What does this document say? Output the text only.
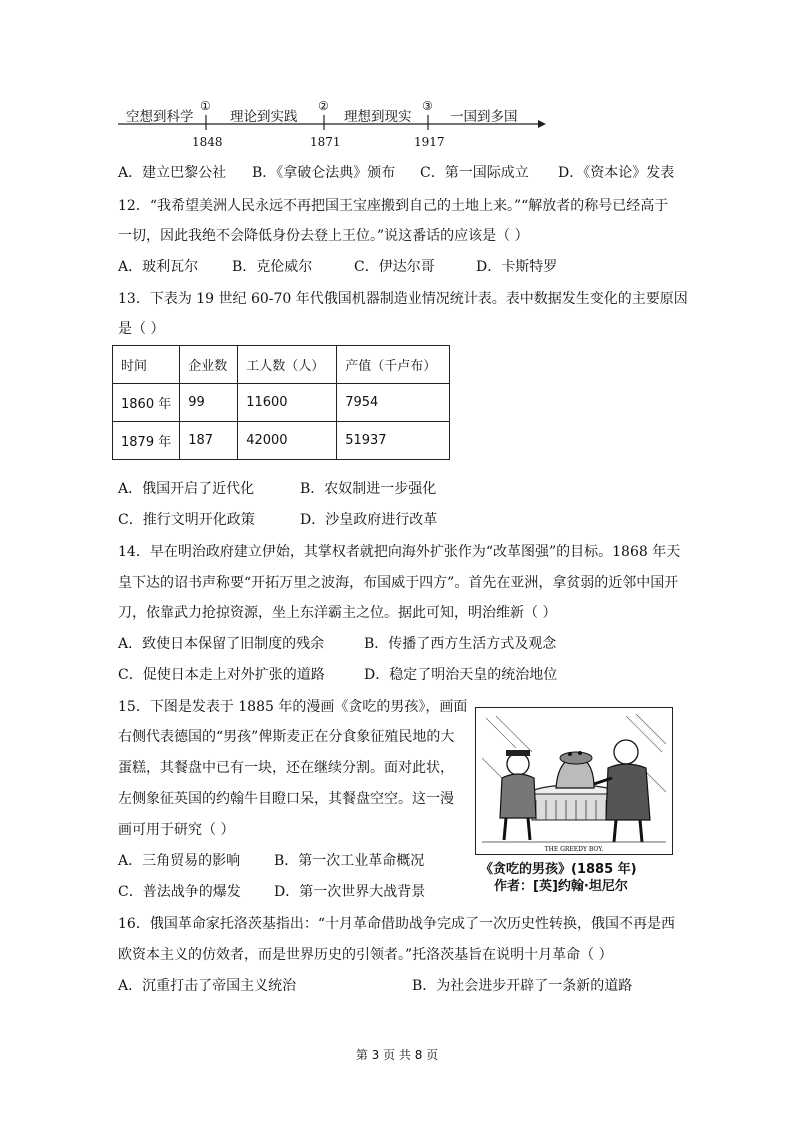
空想到科学	理论到实践	理想到现实	一国到多国
①	②	③
1848	1871	1917
A．建立巴黎公社 B．《拿破仑法典》颁布 C．第一国际成立 D．《资本论》发表
12．“我希望美洲人民永远不再把国王宝座搬到自己的土地上来。”“解放者的称号已经高于
一切，因此我绝不会降低身份去登上王位。”说这番话的应该是（ ）
A．玻利瓦尔 B．克伦威尔	C．伊达尔哥	D．卡斯特罗
13．下表为 19 世纪 60-70 年代俄国机器制造业情况统计表。表中数据发生变化的主要原因
是（ ）
时间	企业数	工人数（人）	产值（千卢布）
1860 年	99	11600	7954
1879 年	187	42000	51937
A．俄国开启了近代化	B．农奴制进一步强化
C．推行文明开化政策	D．沙皇政府进行改革
14．早在明治政府建立伊始，其掌权者就把向海外扩张作为“改革图强”的目标。1868 年天
皇下达的诏书声称要“开拓万里之波海，布国威于四方”。首先在亚洲，拿贫弱的近邻中国开
刀，依靠武力抢掠资源，坐上东洋霸主之位。据此可知，明治维新（ ）
A．致使日本保留了旧制度的残余	B．传播了西方生活方式及观念
C．促使日本走上对外扩张的道路	D．稳定了明治天皇的统治地位
15．下图是发表于 1885 年的漫画《贪吃的男孩》，画面
右侧代表德国的“男孩”俾斯麦正在分食象征殖民地的大
蛋糕，其餐盘中已有一块，还在继续分割。面对此状，
左侧象征英国的约翰牛目瞪口呆，其餐盘空空。这一漫
画可用于研究（ ）
A．三角贸易的影响 B．第一次工业革命概况
C．普法战争的爆发 D．第一次世界大战背景
THE GREEDY BOY.
《贪吃的男孩》(1885 年)
作者：[英]约翰·坦尼尔
16．俄国革命家托洛茨基指出：“十月革命借助战争完成了一次历史性转换，俄国不再是西
欧资本主义的仿效者，而是世界历史的引领者。”托洛茨基旨在说明十月革命（ ）
A．沉重打击了帝国主义统治	B．为社会进步开辟了一条新的道路
第 3 页 共 8 页
